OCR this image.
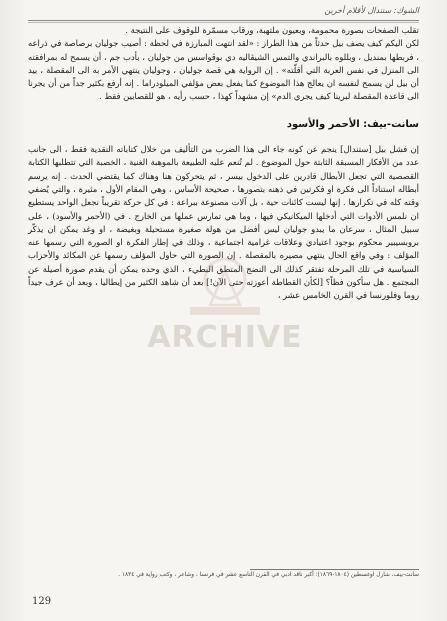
الشوك: ستندال لأقلام أخرين

تقلب الصفحات بصورة محمومة، وبعيون ملتهبة، ورقاب مسمّرة للوقوف على النتيجة .

لكن اليكم كيف يصف بيل حدثاً من هذا الطراز : «لقد انتهت المبارزة في لحظة : أصيب جوليان برصاصة في ذراعه ، فربطها بمنديل ، وبللوه بالبراندي والتمس الشيڤاليه دي بوڤواسس من جوليان ، بأدب جم ، أن يسمح له بمرافقته الى المنزل في نفس العربة التي أقلّته» . إن الرواية هي قصة جوليان ، وجوليان ينتهي الأمر به الى المقصلة ، بيد أن بيل لن يسمح لنفسه ان يعالج هذا الموضوع كما يفعل بعض مؤلفي الميلودراما . إنه أرفع بكثير جداً من أن يجرنا الى قاعدة المقصلة لبرينا كيف يجري الدم» إن مشهداً كهذا ، حسب رأيه ، هو للقصابين فقط .

سانت-بيف: الأحمر والأسود

إن فشل بيل [ستندال] ينجم عن كونه جاء الى هذا الضرب من التأليف من خلال كتاباته النقدية فقط ، الى جانب عدد من الأفكار المسبقة الثابتة حول الموضوع . لم تُنعم عليه الطبيعة بالموهبة الغنية ، الخصبة التي تتطلبها الكتابة القصصية التي تجعل الأبطال قادرين على الدخول بيسر ، ثم يتحركون هنا وهناك كما يقتضي الحدث . إنه يرسم أبطاله استناداً الى فكرة او فكرتين في ذهنه بتصورها ، صحيحة الأساس ، وهي المقام الأول ، مثيرة ، والتي يُضفي وقته كله في تكرارها . إنها ليست كائنات حية ، بل آلات مصنوعة ببراعة : في كل حركة تقريباً نجعل الواحد يستطيع ان نلمس الأدوات التي أدخلها الميكانيكي فيها ، وما هي تمارس عملها من الخارج . في (الأحمر والأسود) ، على سبيل المثال ، سرعان ما يبدو جوليان ليس أفضل من هولة صغيرة مستحيلة وبغيضة ، او وغد يمكن ان يذكّر بروبسيبير محكوم بوجود اعتيادي وعلاقات غرامية اجتماعية ، وذلك في إطار الفكرة او الصورة التي رسمها عنه المؤلف : وفي واقع الحال ينتهي مصيره بالمقصلة . إن الصورة التي حاول المؤلف رسمها عن المكائد والأحزاب السياسية في تلك المرحلة تفتقر كذلك الى النضج المتطق البطيء ، الذي وحده يمكن أن يقدم صورة أصيلة عن المجتمع . هل سأكون فظاً؟ [لكأن القطاطة أعوزته حتى الآن!] بعد أن شاهد الكثير من إيطاليا ، وبعد أن عرف جيداً روما وفلورنسا في القرن الخامس عشر ،

ARCHIVE
سانت-بيف، شارل اوغسطين (١٨٠٤-١٨٦٩): أكبر ناقد ادبي في القرن التاسع عشر في فرنسا ، وشاعر ، وكتب رواية في ١٨٣٤ .
129
